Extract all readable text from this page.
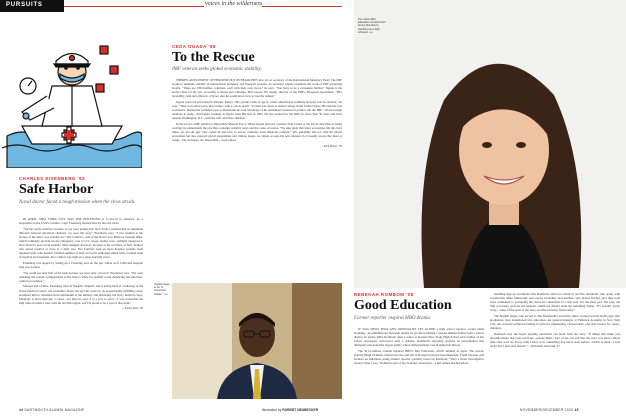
PURSUITS	voices in the wilderness
CHARLES EISENBERG '93
Safe Harbor
Naval doctor faced a tough mission when the virus struck.

IN APRIL, NEW YORK CITY WAS THE EPICENTER of Covid-19 in America. As a hospitalist on the USNS Comfort, Capt. Eisenberg headed directly into the crisis.

"We felt really assertive because, as we were pulling into New York, I realized that no multitude different national television channels, we were the story," Eisenberg says. "I was looking at the picture of the ship I was actually on." The Comfort—one of the Navy's two 894-foot hospital ships, which ordinarily provide on-site emergency care to U.S. troops during wars—initially deployed to New York for non-Covid patients. That changed, however, because of the overflow of New Yorkers who tested positive at close to a daily rate. The Comfort took on more hospital patients from inpatient units who needed a limited number of beds on board. Although armed with a trained team of medical professionals, the Comfort was right on a steep learning curve.

Eisenberg was tapped by setting up a screening area on the pier where we'd 1,000-bed hospital ship was docked.

"We could see only half of the beds because we were only at board," Eisenberg says. "We were adjusting the overall configurations of the beds to allow for optimal social distancing and infection-control procedures."

Married and a father, Eisenberg lives in Norfolk, Virginia, and is acting head of cardiology at the Naval Medical Center. An economics major, he says his work for an exceptionally fulfilling career prompted him to transition from Dartmouth to the military and ultimately the Navy medical corps. Medicine is more than just a career—for him, he says, it is a way to serve. "I was proud that the ship came in when a true crisis hit and this region, and I'm proud to be a part of that team."

—Emily Zion '20

CEDA OGADA '88
To the Rescue
IMF veteran seeks global economic stability.

THERE'S AN ELEMENT OF HEROISM OUT IN HEADLINES new job as secretary of the International Monetary Fund. The IMF works to maintain stability of international monetary and financial systems. As secretary, Ogada organizes the work of IMF governing boards. "There are 189 member countries, each with their own views," he says. "You have to be a consensus builder." Ogada is the perfect man for the job, according to friend and colleague Phil Gerson '83, deputy director of the IMF's European department. "He's incredibly calm and affected—I'm not sure he would know how to lose his temper."

Ogada was born and raised in Nairobi, Kenya. "My parents came of age at a time when Kenya suddenly had just won its election," he says. "They were attracted to that country with a can-do spirit." So their son chose to attend college in the United States. His interest was economics. During his freshman year at Dartmouth he took advantage of his dormmate's interest in politics and the IMF—chose foreign relations to study—and began working in Ogada from Harvard in 1993. He has worked for the IMF for more than 30 years and lives outside Washington, D.C., with his wife and three children.

In the service, IMF stands for Impossible Mission Force. While Ogada does not consider Tom Cruise or his job he describes as being exciting, he understands the role that economic stability plays and the cause of rescue. "We take pride that when economies fall into hard times, we are the guy who comes in and tries to rescue countries from financial collapse." The pandemic has not only hit global economies but also exposed global inequalities and climate issues. As Ogada accepts his new mission, he is keenly aware that there is tough—but, he hopes, not impossible—work ahead.

—Nick Boyer '79

Ogada hopes to be "a consensus builder." ••••
The movie Bad Education reunited both former Rombom's sleuthing as a high schooler. ••••
REBEKAH ROMBOM '08
Good Education
Former reporter inspires HBO drama.

IT WAS NEWS THAT ANY JOURNALIST LET ALONE a high school reporter, would relish breaking—an administrator had been quietly let go after pilfering a quarter-million dollars from a school district. In spring 2004, Rombom, then a senior at Roslyn (New York) High School and coeditor of her school newspaper, uncovered such a scheme. Rombom's reporting sparked an investigation that ultimately unraveled the largest public school embezzlement case in American history.

The $11.2-million scandal inspired HBO's Bad Education, which debuted in April. The movie, starring Hugh Jackman, follows the rise and fall of Roslyn's beloved superintendent, Frank Tassone, and features an ambitious young student reporter, partially based on Rombom. "She's a better investigative reporter than I was," Rombom says of her fictional counterpart—a girl named Rachel whose

sleuthing digs up documents that Rombom could not obtain in real life. Rombom, who spoke with screenwriter Mike Makowsky and actress Geraldine Viswanathan, who played Rachel, says they both were committed to portraying the character's intentions in a true way. For the most part, she says, the film accurately portrays the tensions within the district amid the unfolding drama. "It's actually pretty crazy—some of the parts of the story are lifted directly from reality."

The English major, who served as The Dartmouth's executive editor, worked several media gigs after graduation, then transitioned into education. An general manager at Fullstack Academy in New York City, she oversees technical training in software engineering, cybersecurity, and data science for career-changers.

Rombom says she hopes aspiring journalists can learn from her story. "If things that make you uncomfortable, that raise red flags—pursue them." Part of me was felt that the story was more critical than what we'd do. Every time I have to do something I've never done before—which is often—I feel lucky that I have this muscle." —Elizabeth Janowski '21

44 DARTMOUTH ALUMNI MAGAZINE	Illustration by ROBERT NEUBECKER	NOVEMBER/DECEMBER 2020 45
